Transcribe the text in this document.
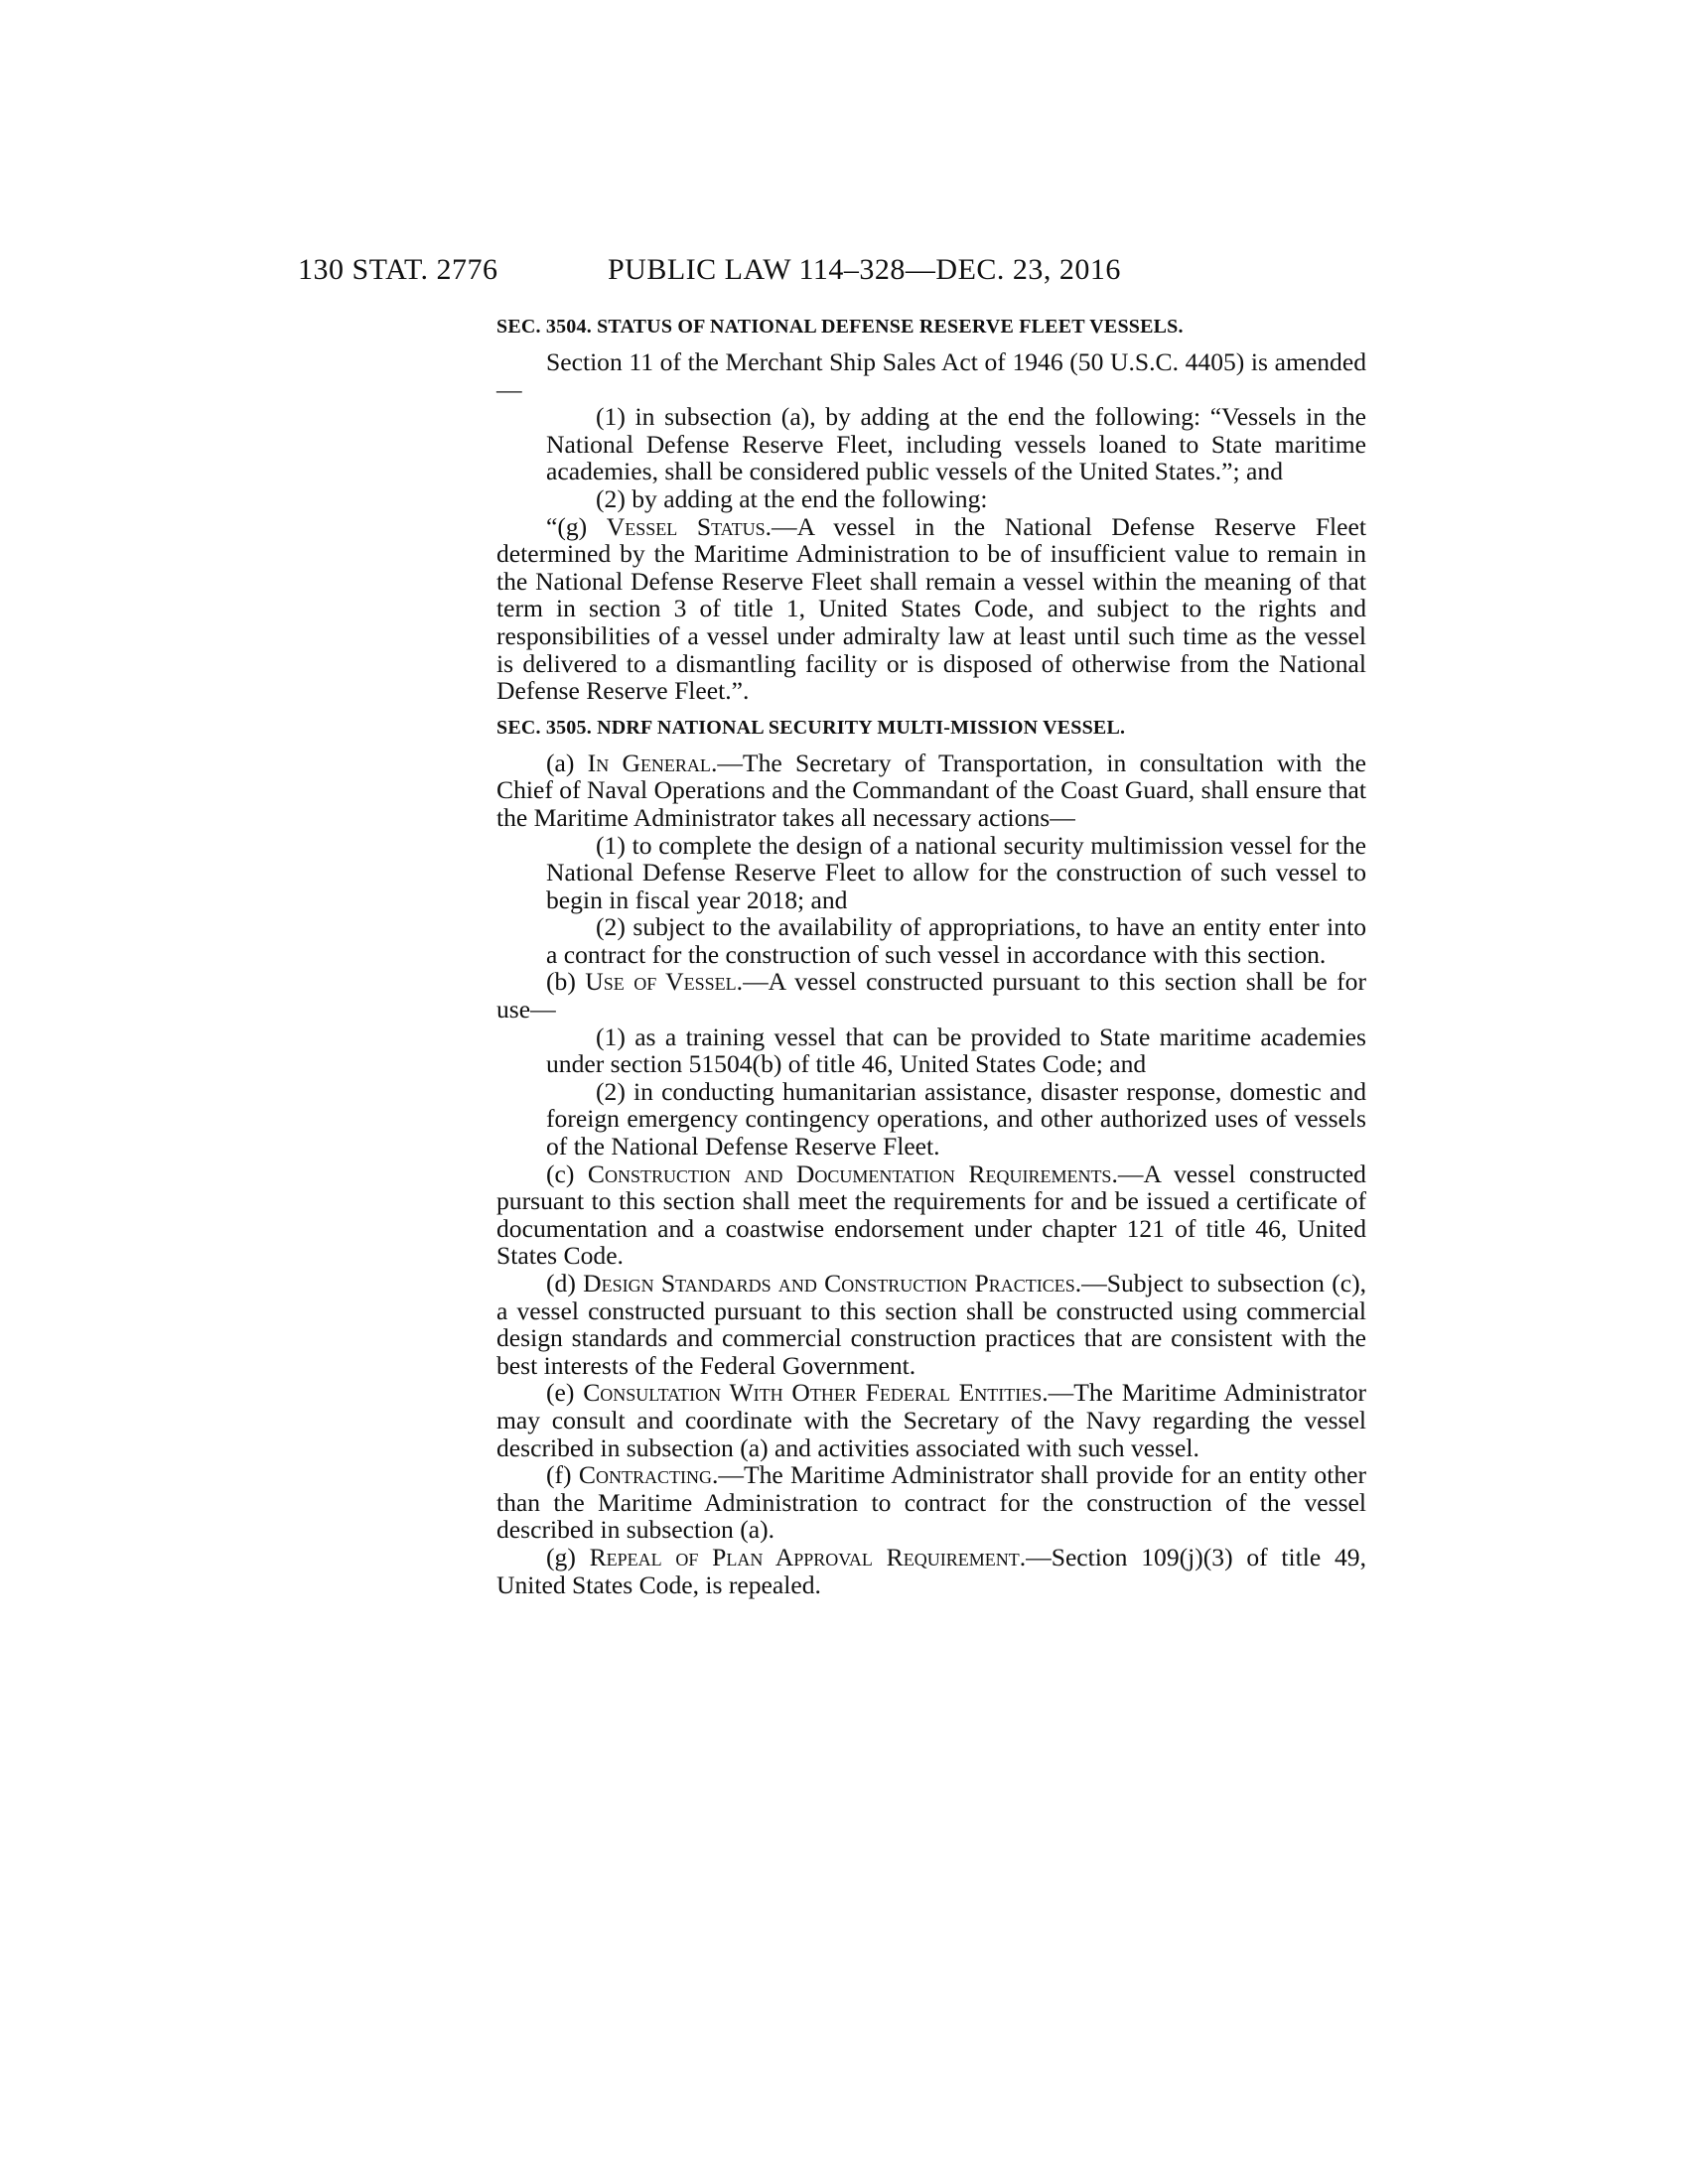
130 STAT. 2776	PUBLIC LAW 114–328—DEC. 23, 2016
SEC. 3504. STATUS OF NATIONAL DEFENSE RESERVE FLEET VESSELS.

Section 11 of the Merchant Ship Sales Act of 1946 (50 U.S.C. 4405) is amended—

(1) in subsection (a), by adding at the end the following: “Vessels in the National Defense Reserve Fleet, including vessels loaned to State maritime academies, shall be considered public vessels of the United States.”; and

(2) by adding at the end the following:

“(g) Vessel Status.—A vessel in the National Defense Reserve Fleet determined by the Maritime Administration to be of insufficient value to remain in the National Defense Reserve Fleet shall remain a vessel within the meaning of that term in section 3 of title 1, United States Code, and subject to the rights and responsibilities of a vessel under admiralty law at least until such time as the vessel is delivered to a dismantling facility or is disposed of otherwise from the National Defense Reserve Fleet.”.

SEC. 3505. NDRF NATIONAL SECURITY MULTI-MISSION VESSEL.

(a) In General.—The Secretary of Transportation, in consultation with the Chief of Naval Operations and the Commandant of the Coast Guard, shall ensure that the Maritime Administrator takes all necessary actions—

(1) to complete the design of a national security multimission vessel for the National Defense Reserve Fleet to allow for the construction of such vessel to begin in fiscal year 2018; and

(2) subject to the availability of appropriations, to have an entity enter into a contract for the construction of such vessel in accordance with this section.

(b) Use of Vessel.—A vessel constructed pursuant to this section shall be for use—

(1) as a training vessel that can be provided to State maritime academies under section 51504(b) of title 46, United States Code; and

(2) in conducting humanitarian assistance, disaster response, domestic and foreign emergency contingency operations, and other authorized uses of vessels of the National Defense Reserve Fleet.

(c) Construction and Documentation Requirements.—A vessel constructed pursuant to this section shall meet the requirements for and be issued a certificate of documentation and a coastwise endorsement under chapter 121 of title 46, United States Code.

(d) Design Standards and Construction Practices.—Subject to subsection (c), a vessel constructed pursuant to this section shall be constructed using commercial design standards and commercial construction practices that are consistent with the best interests of the Federal Government.

(e) Consultation With Other Federal Entities.—The Maritime Administrator may consult and coordinate with the Secretary of the Navy regarding the vessel described in subsection (a) and activities associated with such vessel.

(f) Contracting.—The Maritime Administrator shall provide for an entity other than the Maritime Administration to contract for the construction of the vessel described in subsection (a).

(g) Repeal of Plan Approval Requirement.—Section 109(j)(3) of title 49, United States Code, is repealed.
